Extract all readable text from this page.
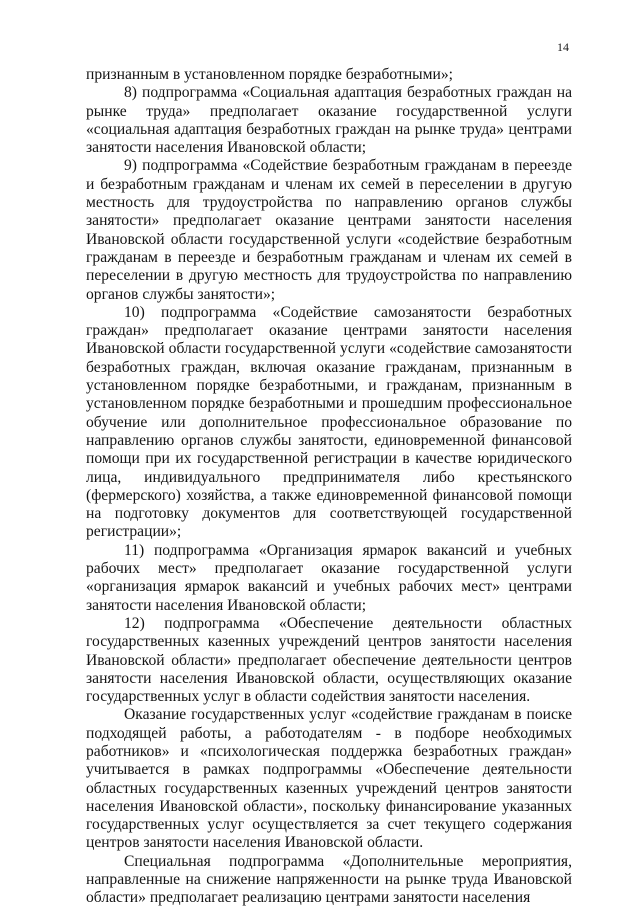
14

признанным в установленном порядке безработными»;

8) подпрограмма «Социальная адаптация безработных граждан на рынке труда» предполагает оказание государственной услуги «социальная адаптация безработных граждан на рынке труда» центрами занятости населения Ивановской области;

9) подпрограмма «Содействие безработным гражданам в переезде и безработным гражданам и членам их семей в переселении в другую местность для трудоустройства по направлению органов службы занятости» предполагает оказание центрами занятости населения Ивановской области государственной услуги «содействие безработным гражданам в переезде и безработным гражданам и членам их семей в переселении в другую местность для трудоустройства по направлению органов службы занятости»;

10) подпрограмма «Содействие самозанятости безработных граждан» предполагает оказание центрами занятости населения Ивановской области государственной услуги «содействие самозанятости безработных граждан, включая оказание гражданам, признанным в установленном порядке безработными, и гражданам, признанным в установленном порядке безработными и прошедшим профессиональное обучение или дополнительное профессиональное образование по направлению органов службы занятости, единовременной финансовой помощи при их государственной регистрации в качестве юридического лица, индивидуального предпринимателя либо крестьянского (фермерского) хозяйства, а также единовременной финансовой помощи на подготовку документов для соответствующей государственной регистрации»;

11) подпрограмма «Организация ярмарок вакансий и учебных рабочих мест» предполагает оказание государственной услуги «организация ярмарок вакансий и учебных рабочих мест» центрами занятости населения Ивановской области;

12) подпрограмма «Обеспечение деятельности областных государственных казенных учреждений центров занятости населения Ивановской области» предполагает обеспечение деятельности центров занятости населения Ивановской области, осуществляющих оказание государственных услуг в области содействия занятости населения.

Оказание государственных услуг «содействие гражданам в поиске подходящей работы, а работодателям - в подборе необходимых работников» и «психологическая поддержка безработных граждан» учитывается в рамках подпрограммы «Обеспечение деятельности областных государственных казенных учреждений центров занятости населения Ивановской области», поскольку финансирование указанных государственных услуг осуществляется за счет текущего содержания центров занятости населения Ивановской области.

Специальная подпрограмма «Дополнительные мероприятия, направленные на снижение напряженности на рынке труда Ивановской области» предполагает реализацию центрами занятости населения
